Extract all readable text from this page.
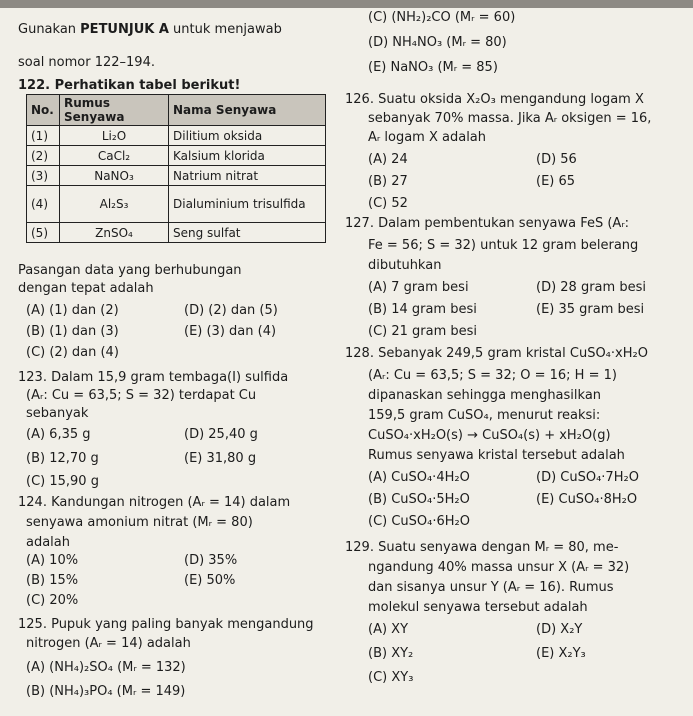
Gunakan PETUNJUK A untuk menjawab
soal nomor 122–194.
122. Perhatikan tabel berikut!
No.	Rumus Senyawa	Nama Senyawa
(1)	Li₂O	Dilitium oksida
(2)	CaCl₂	Kalsium klorida
(3)	NaNO₃	Natrium nitrat
(4)	Al₂S₃	Dialuminium trisulfida
(5)	ZnSO₄	Seng sulfat
Pasangan data yang berhubungan
dengan tepat adalah
(A) (1) dan (2)
(B) (1) dan (3)
(C) (2) dan (4)
(D) (2) dan (5)
(E) (3) dan (4)
123. Dalam 15,9 gram tembaga(I) sulfida
(Aᵣ: Cu = 63,5; S = 32) terdapat Cu
sebanyak
(A) 6,35 g
(B) 12,70 g
(C) 15,90 g
(D) 25,40 g
(E) 31,80 g
124. Kandungan nitrogen (Aᵣ = 14) dalam
senyawa amonium nitrat (Mᵣ = 80)
adalah
(A) 10%
(B) 15%
(C) 20%
(D) 35%
(E) 50%
125. Pupuk yang paling banyak mengandung
nitrogen (Aᵣ = 14) adalah
(A) (NH₄)₂SO₄ (Mᵣ = 132)
(B) (NH₄)₃PO₄ (Mᵣ = 149)
(C) (NH₂)₂CO (Mᵣ = 60)
(D) NH₄NO₃ (Mᵣ = 80)
(E) NaNO₃ (Mᵣ = 85)
126. Suatu oksida X₂O₃ mengandung logam X
sebanyak 70% massa. Jika Aᵣ oksigen = 16,
Aᵣ logam X adalah
(A) 24
(B) 27
(C) 52
(D) 56
(E) 65
127. Dalam pembentukan senyawa FeS (Aᵣ:
Fe = 56; S = 32) untuk 12 gram belerang
dibutuhkan
(A) 7 gram besi
(B) 14 gram besi
(C) 21 gram besi
(D) 28 gram besi
(E) 35 gram besi
128. Sebanyak 249,5 gram kristal CuSO₄·xH₂O
(Aᵣ: Cu = 63,5; S = 32; O = 16; H = 1)
dipanaskan sehingga menghasilkan
159,5 gram CuSO₄, menurut reaksi:
CuSO₄·xH₂O(s) → CuSO₄(s) + xH₂O(g)
Rumus senyawa kristal tersebut adalah
(A) CuSO₄·4H₂O
(B) CuSO₄·5H₂O
(C) CuSO₄·6H₂O
(D) CuSO₄·7H₂O
(E) CuSO₄·8H₂O
129. Suatu senyawa dengan Mᵣ = 80, me-
ngandung 40% massa unsur X (Aᵣ = 32)
dan sisanya unsur Y (Aᵣ = 16). Rumus
molekul senyawa tersebut adalah
(A) XY
(B) XY₂
(C) XY₃
(D) X₂Y
(E) X₂Y₃
